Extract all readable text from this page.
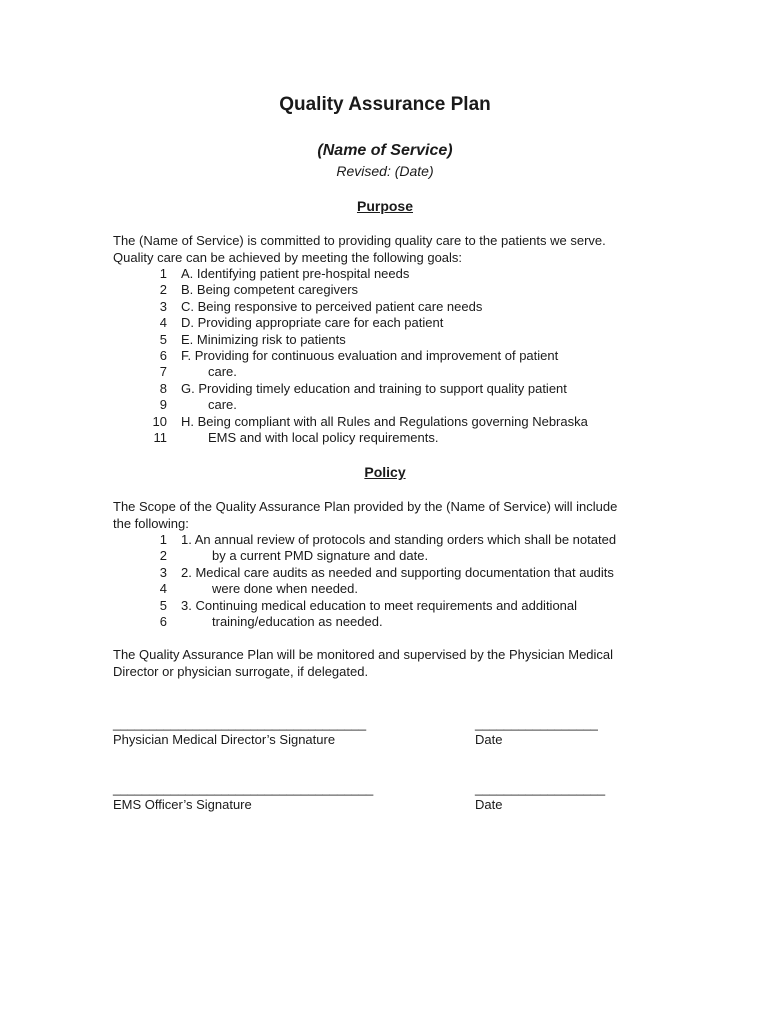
Quality Assurance Plan
(Name of Service)
Revised: (Date)
Purpose

The (Name of Service) is committed to providing quality care to the patients we serve.
Quality care can be achieved by meeting the following goals:

1 A. Identifying patient pre-hospital needs
2 B. Being competent caregivers
3 C. Being responsive to perceived patient care needs
4 D. Providing appropriate care for each patient
5 E. Minimizing risk to patients
6 F. Providing for continuous evaluation and improvement of patient
7	care.
8 G. Providing timely education and training to support quality patient
9	care.
10 H. Being compliant with all Rules and Regulations governing Nebraska
11	EMS and with local policy requirements.
Policy

The Scope of the Quality Assurance Plan provided by the (Name of Service) will include
the following:

1 1. An annual review of protocols and standing orders which shall be notated
2	by a current PMD signature and date.
3 2. Medical care audits as needed and supporting documentation that audits
4	were done when needed.
5 3. Continuing medical education to meet requirements and additional
6	training/education as needed.

The Quality Assurance Plan will be monitored and supervised by the Physician Medical
Director or physician surrogate, if delegated.

___________________________________
Physician Medical Director’s Signature
_________________
Date
____________________________________
EMS Officer’s Signature
__________________
Date
